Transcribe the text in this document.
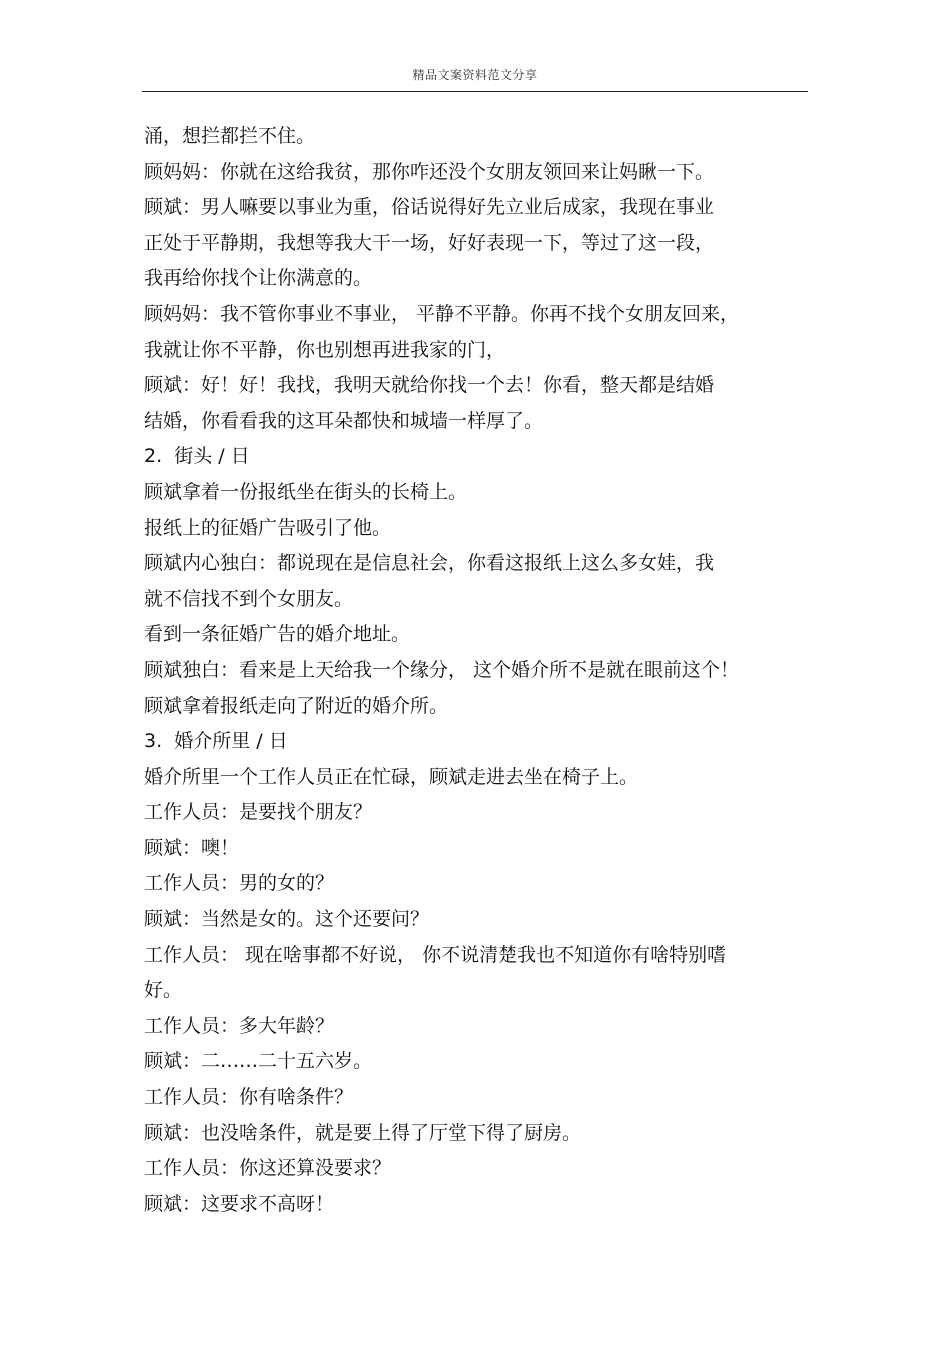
精品文案资料范文分享
涌，想拦都拦不住。
顾妈妈：你就在这给我贫，那你咋还没个女朋友领回来让妈瞅一下。
顾斌：男人嘛要以事业为重，俗话说得好先立业后成家，我现在事业
正处于平静期，我想等我大干一场，好好表现一下，等过了这一段，
我再给你找个让你满意的。
顾妈妈：我不管你事业不事业， 平静不平静。你再不找个女朋友回来，
我就让你不平静，你也别想再进我家的门，
顾斌：好！好！我找，我明天就给你找一个去！你看，整天都是结婚
结婚，你看看我的这耳朵都快和城墙一样厚了。
2.  街头 / 日
顾斌拿着一份报纸坐在街头的长椅上。
报纸上的征婚广告吸引了他。
顾斌内心独白：都说现在是信息社会，你看这报纸上这么多女娃，我
就不信找不到个女朋友。
看到一条征婚广告的婚介地址。
顾斌独白：看来是上天给我一个缘分， 这个婚介所不是就在眼前这个！
顾斌拿着报纸走向了附近的婚介所。
3.  婚介所里 / 日
婚介所里一个工作人员正在忙碌，顾斌走进去坐在椅子上。
工作人员：是要找个朋友？
顾斌：噢！
工作人员：男的女的？
顾斌：当然是女的。这个还要问？
工作人员： 现在啥事都不好说， 你不说清楚我也不知道你有啥特别嗜
好。
工作人员：多大年龄？
顾斌：二……二十五六岁。
工作人员：你有啥条件？
顾斌：也没啥条件，就是要上得了厅堂下得了厨房。
工作人员：你这还算没要求？
顾斌：这要求不高呀！
